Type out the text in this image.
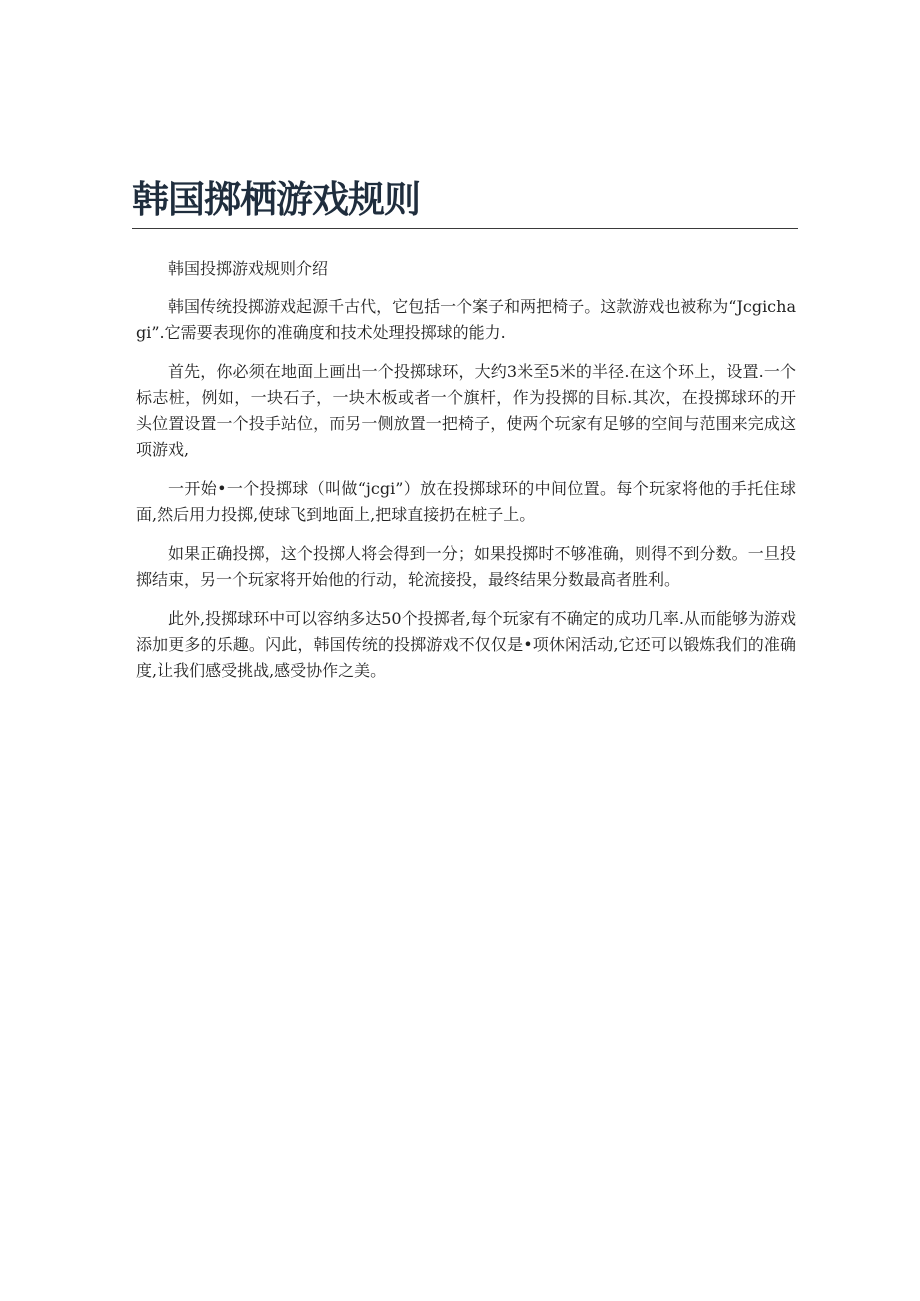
韩国掷栖游戏规则

韩国投掷游戏规则介绍

韩国传统投掷游戏起源千古代，它包括一个案子和两把椅子。这款游戏也被称为“Jcgichagi”.它需要表现你的准确度和技术处理投掷球的能力.

首先，你必须在地面上画出一个投掷球环，大约3米至5米的半径.在这个环上，设置.一个标志桩，例如，一块石子，一块木板或者一个旗杆，作为投掷的目标.其次，在投掷球环的开头位置设置一个投手站位，而另一侧放置一把椅子，使两个玩家有足够的空间与范围来完成这项游戏,

一开始•一个投掷球（叫做“jcgi”）放在投掷球环的中间位置。每个玩家将他的手托住球面,然后用力投掷,使球飞到地面上,把球直接扔在桩子上。

如果正确投掷，这个投掷人将会得到一分；如果投掷时不够准确，则得不到分数。一旦投掷结束，另一个玩家将开始他的行动，轮流接投，最终结果分数最高者胜利。

此外,投掷球环中可以容纳多达50个投掷者,每个玩家有不确定的成功几率.从而能够为游戏添加更多的乐趣。闪此，韩国传统的投掷游戏不仅仅是•项休闲活动,它还可以锻炼我们的准确度,让我们感受挑战,感受协作之美。
